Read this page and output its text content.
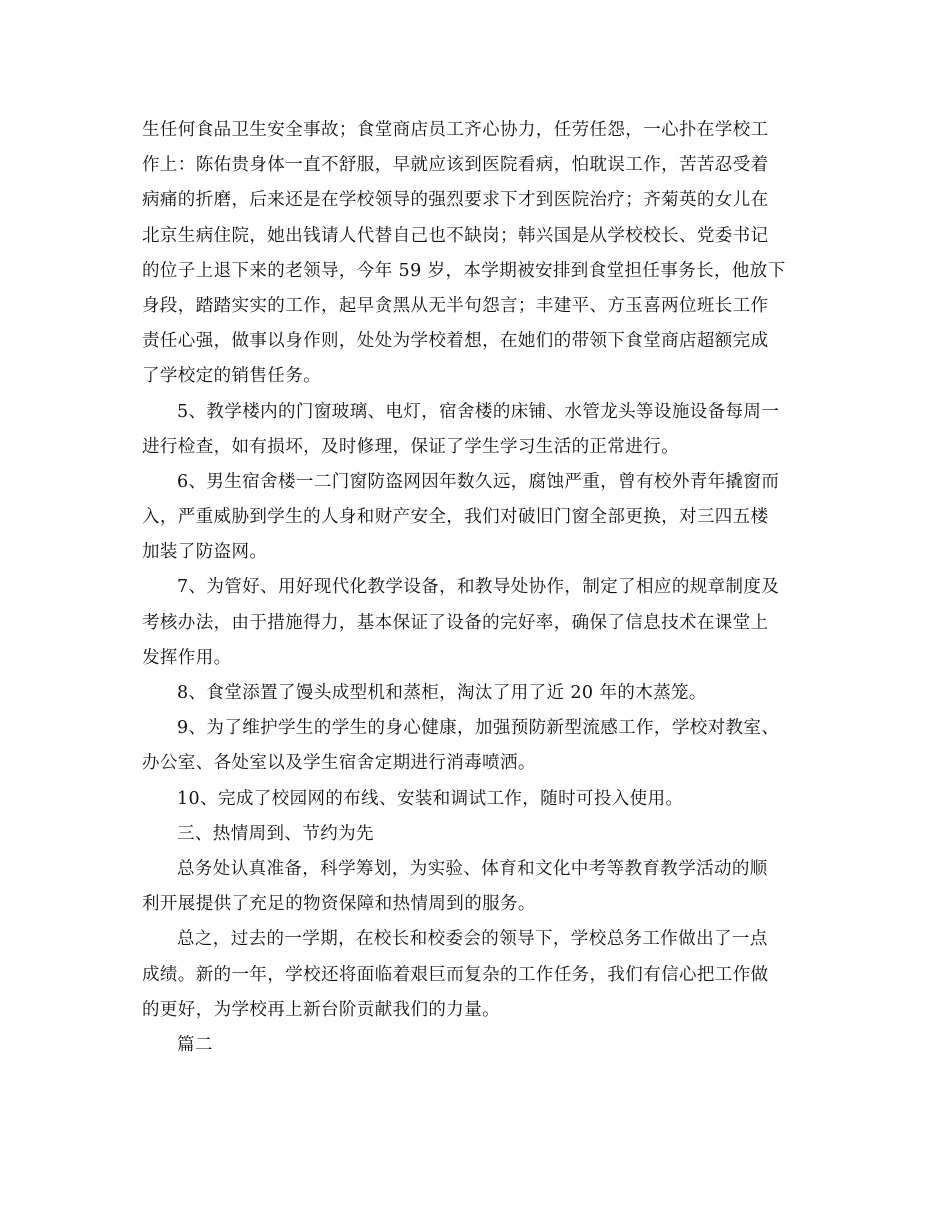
生任何食品卫生安全事故；食堂商店员工齐心协力，任劳任怨，一心扑在学校工
作上：陈佑贵身体一直不舒服，早就应该到医院看病，怕耽误工作，苦苦忍受着
病痛的折磨，后来还是在学校领导的强烈要求下才到医院治疗；齐菊英的女儿在
北京生病住院，她出钱请人代替自己也不缺岗；韩兴国是从学校校长、党委书记
的位子上退下来的老领导，今年 59 岁，本学期被安排到食堂担任事务长，他放下
身段，踏踏实实的工作，起早贪黑从无半句怨言；丰建平、方玉喜两位班长工作
责任心强，做事以身作则，处处为学校着想，在她们的带领下食堂商店超额完成
了学校定的销售任务。
5、教学楼内的门窗玻璃、电灯，宿舍楼的床铺、水管龙头等设施设备每周一
进行检查，如有损坏，及时修理，保证了学生学习生活的正常进行。
6、男生宿舍楼一二门窗防盗网因年数久远，腐蚀严重，曾有校外青年撬窗而
入，严重威胁到学生的人身和财产安全，我们对破旧门窗全部更换，对三四五楼
加装了防盗网。
7、为管好、用好现代化教学设备，和教导处协作，制定了相应的规章制度及
考核办法，由于措施得力，基本保证了设备的完好率，确保了信息技术在课堂上
发挥作用。
8、食堂添置了馒头成型机和蒸柜，淘汰了用了近 20 年的木蒸笼。
9、为了维护学生的学生的身心健康，加强预防新型流感工作，学校对教室、
办公室、各处室以及学生宿舍定期进行消毒喷洒。
10、完成了校园网的布线、安装和调试工作，随时可投入使用。
三、热情周到、节约为先
总务处认真准备，科学筹划，为实验、体育和文化中考等教育教学活动的顺
利开展提供了充足的物资保障和热情周到的服务。
总之，过去的一学期，在校长和校委会的领导下，学校总务工作做出了一点
成绩。新的一年，学校还将面临着艰巨而复杂的工作任务，我们有信心把工作做
的更好，为学校再上新台阶贡献我们的力量。
篇二
